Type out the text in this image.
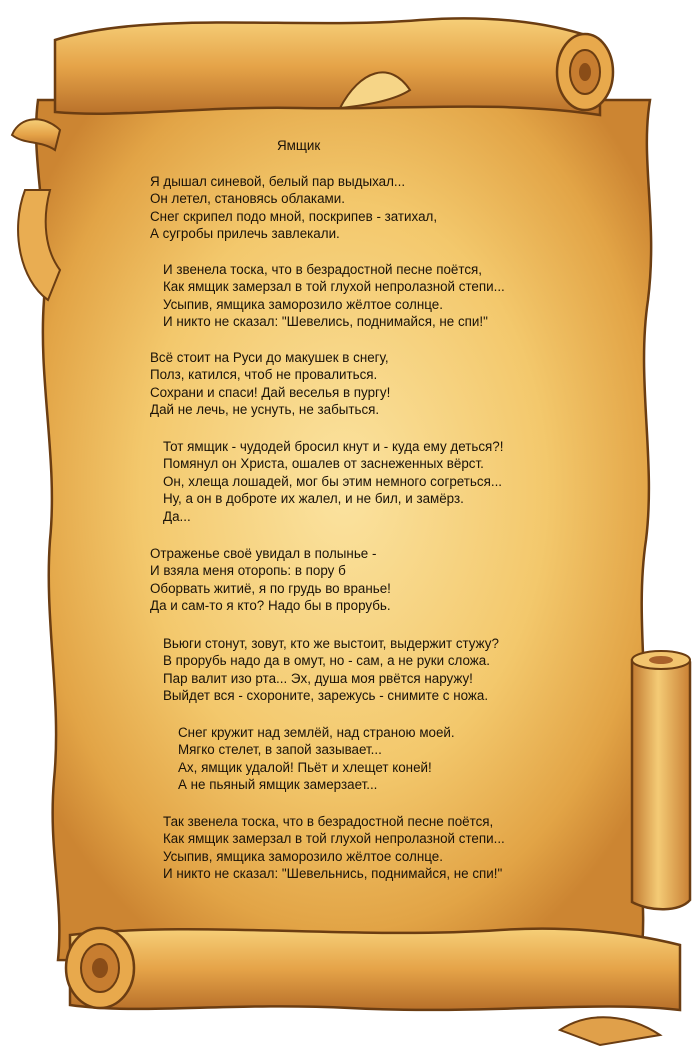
Ямщик
Я дышал синевой, белый пар выдыхал...
Он летел, становясь облаками.
Снег скрипел подо мной, поскрипев - затихал,
А сугробы прилечь завлекали.
И звенела тоска, что в безрадостной песне поётся,
Как ямщик замерзал в той глухой непролазной степи...
Усыпив, ямщика заморозило жёлтое солнце.
И никто не сказал: "Шевелись, поднимайся, не спи!"
Всё стоит на Руси до макушек в снегу,
Полз, катился, чтоб не провалиться.
Сохрани и спаси! Дай веселья в пургу!
Дай не лечь, не уснуть, не забыться.
Тот ямщик - чудодей бросил кнут и - куда ему деться?!
Помянул он Христа, ошалев от заснеженных вёрст.
Он, хлеща лошадей, мог бы этим немного согреться...
Ну, а он в доброте их жалел, и не бил, и замёрз.
Да...
Отраженье своё увидал в полынье -
И взяла меня оторопь: в пору б
Оборвать житиё, я по грудь во вранье!
Да и сам-то я кто? Надо бы в прорубь.
Вьюги стонут, зовут, кто же выстоит, выдержит стужу?
В прорубь надо да в омут, но - сам, а не руки сложа.
Пар валит изо рта... Эх, душа моя рвётся наружу!
Выйдет вся - схороните, зарежусь - снимите с ножа.
Снег кружит над землёй, над страною моей.
Мягко стелет, в запой зазывает...
Ах, ямщик удалой! Пьёт и хлещет коней!
А не пьяный ямщик замерзает...
Так звенела тоска, что в безрадостной песне поётся,
Как ямщик замерзал в той глухой непролазной степи...
Усыпив, ямщика заморозило жёлтое солнце.
И никто не сказал: "Шевельнись, поднимайся, не спи!"
